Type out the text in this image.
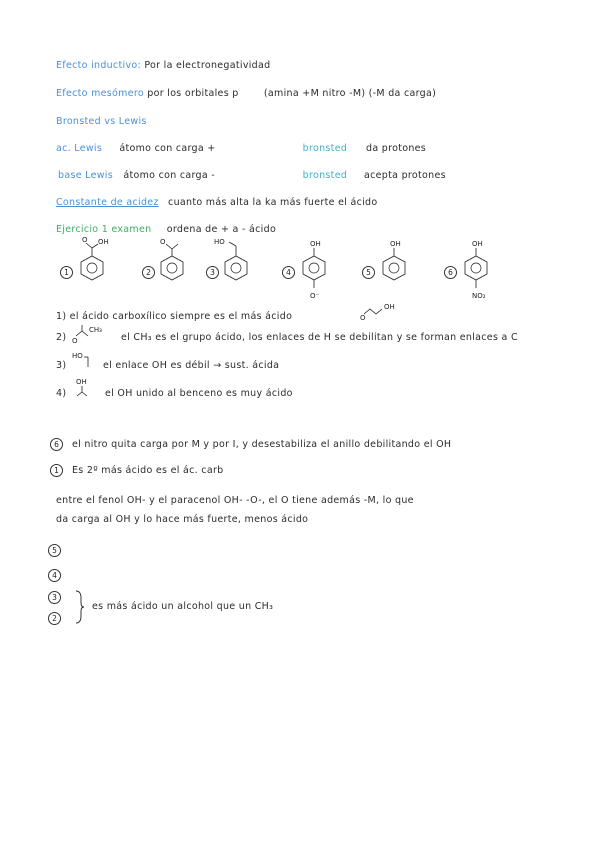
Efecto inductivo: Por la electronegatividad
Efecto mesómero por los orbitales p	(amina +M nitro -M) (-M da carga)
Bronsted vs Lewis
ac. Lewis átomo con carga +	bronsted da protones
base Lewis átomo con carga -	bronsted acepta protones
Constante de acidez cuanto más alta la ka más fuerte el ácido
Ejercicio 1 examen ordena de + a - ácido
1
O OH
2
O
3
HO
4
OH
O⁻
5
OH
6
OH
NO₂
1) el ácido carboxílico siempre es el más ácido	O
OH
2)	el CH₃ es el grupo ácido, los enlaces de H se debilitan y se forman enlaces a C
O
CH₃
3)	el enlace OH es débil → sust. ácida
HO
4)	el OH unido al benceno es muy ácido
OH
6	el nitro quita carga por M y por I, y desestabiliza el anillo debilitando el OH
1	Es 2º más ácido es el ác. carb
entre el fenol OH- y el paracenol OH- -O-, el O tiene además -M, lo que
da carga al OH y lo hace más fuerte, menos ácido
5
4
3
2
es más ácido un alcohol que un CH₃
